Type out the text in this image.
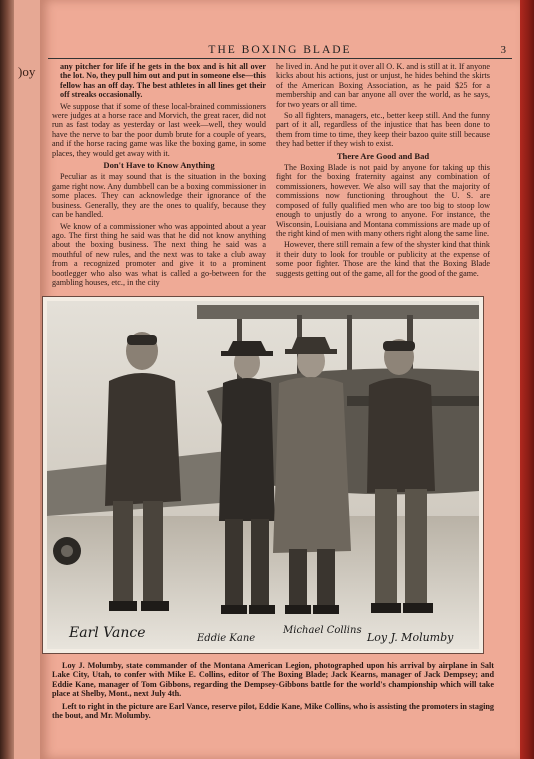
)oy
THE BOXING BLADE	3

any pitcher for life if he gets in the box and is hit all over the lot. No, they pull him out and put in someone else—this fellow has an off day. The best athletes in all lines get their off streaks occasionally.

We suppose that if some of these local-brained commissioners were judges at a horse race and Morvich, the great racer, did not run as fast today as yesterday or last week—well, they would have the nerve to bar the poor dumb brute for a couple of years, and if the horse racing game was like the boxing game, in some places, they would get away with it.

Don't Have to Know Anything

Peculiar as it may sound that is the situation in the boxing game right now. Any dumbbell can be a boxing commissioner in some places. They can acknowledge their ignorance of the business. Generally, they are the ones to qualify, because they can be handled.

We know of a commissioner who was appointed about a year ago. The first thing he said was that he did not know anything about the boxing business. The next thing he said was a mouthful of new rules, and the next was to take a club away from a recognized promoter and give it to a prominent bootlegger who also was what is called a go-between for the gambling houses, etc., in the city

he lived in. And he put it over all O. K. and is still at it. If anyone kicks about his actions, just or unjust, he hides behind the skirts of the American Boxing Association, as he paid $25 for a membership and can bar anyone all over the world, as he says, for two years or all time.

So all fighters, managers, etc., better keep still. And the funny part of it all, regardless of the injustice that has been done to them from time to time, they keep their bazoo quite still because they had better if they wish to exist.

There Are Good and Bad

The Boxing Blade is not paid by anyone for taking up this fight for the boxing fraternity against any combination of commissioners, however. We also will say that the majority of commissions now functioning throughout the U. S. are composed of fully qualified men who are too big to stoop low enough to unjustly do a wrong to anyone. For instance, the Wisconsin, Louisiana and Montana commissions are made up of the right kind of men with many others right along the same line.

However, there still remain a few of the shyster kind that think it their duty to look for trouble or publicity at the expense of some poor fighter. Those are the kind that the Boxing Blade suggests getting out of the game, all for the good of the game.

Earl Vance	Eddie Kane
Michael Collins
Loy J. Molumby

Loy J. Molumby, state commander of the Montana American Legion, photographed upon his arrival by airplane in Salt Lake City, Utah, to confer with Mike E. Collins, editor of The Boxing Blade; Jack Kearns, manager of Jack Dempsey; and Eddie Kane, manager of Tom Gibbons, regarding the Dempsey-Gibbons battle for the world's championship which will take place at Shelby, Mont., next July 4th.

Left to right in the picture are Earl Vance, reserve pilot, Eddie Kane, Mike Collins, who is assisting the promoters in staging the bout, and Mr. Molumby.
